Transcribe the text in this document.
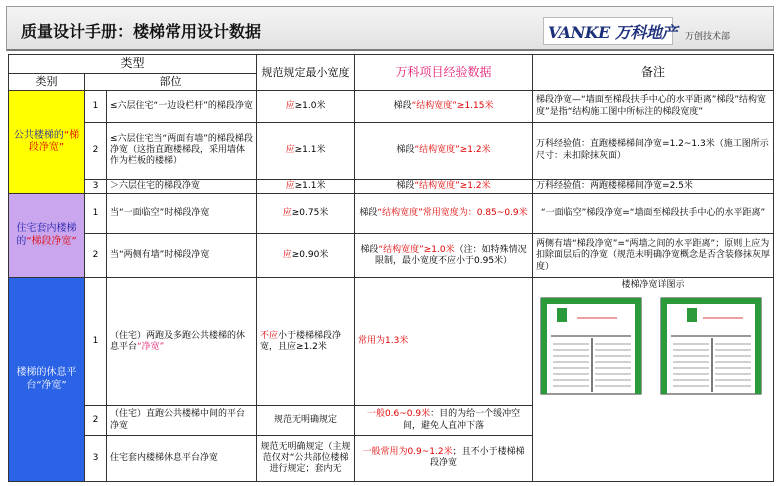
质量设计手册：楼梯常用设计数据	VANKE 万科地产 万创技术部
类型			规范规定最小宽度	万科项目经验数据	备注
类别	部位				
公共楼梯的“梯段净宽”	1	≤六层住宅“一边设栏杆”的梯段净宽	应≥1.0米	梯段“结构宽度”≥1.15米	梯段净宽—“墙面至梯段扶手中心的水平距离”梯段”结构宽度”是指“结构施工图中所标注的梯段宽度”
	2	≤六层住宅当“两面有墙”的梯段梯段净宽（这指直跑楼梯段，采用墙体作为栏板的楼梯）	应≥1.1米	梯段“结构宽度”≥1.2米	万科经验值：直跑楼梯梯间净宽=1.2~1.3米（施工图所示尺寸：未扣除抹灰面）
	3	＞六层住宅的梯段净宽	应≥1.1米	梯段“结构宽度”≥1.2米	万科经验值：两跑楼梯梯间净宽=2.5米
住宅套内楼梯的“梯段净宽”	1	当“一面临空”时梯段净宽	应≥0.75米	梯段“结构宽度”常用宽度为：0.85~0.9米	“一面临空”梯段净宽=“墙面至梯段扶手中心的水平距离”
	2	当“两侧有墙”时梯段净宽	应≥0.90米	梯段“结构宽度”≥1.0米（注：如特殊情况限制，最小宽度不应小于0.95米）	两侧有墙“梯段净宽”=“两墙之间的水平距离”；原则上应为扣除面层后的净宽（规范未明确净宽概念是否含装修抹灰厚度）
楼梯的休息平台“净宽”	1	（住宅）两跑及多跑公共楼梯的休息平台“净宽”	不应小于楼梯梯段净宽，且应≥1.2米	常用为1.3米	楼梯净宽详图示

	2	（住宅）直跑公共楼梯中间的平台净宽	规范无明确规定	一般0.6~0.9米：目的为给一个缓冲空间，避免人直冲下落	
	3	住宅套内楼梯休息平台净宽	规范无明确规定（主规范仅对“公共部位楼梯进行规定；套内无	一般常用为0.9~1.2米；且不小于楼梯梯段净宽	
